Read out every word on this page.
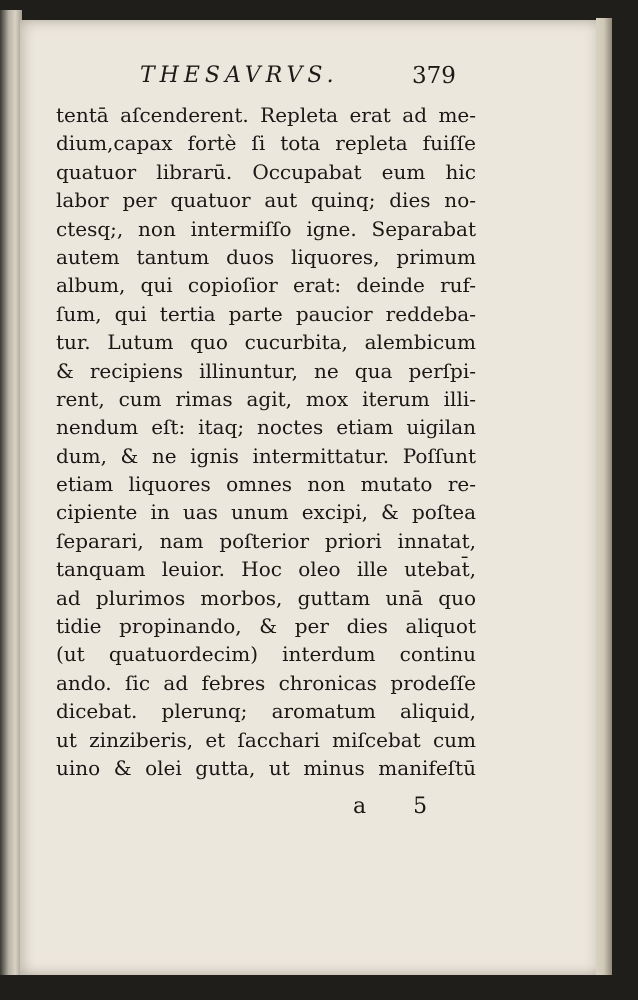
THESAVRVS.	379
tentā aſcenderent. Repleta erat ad me-
dium,capax fortè ſi tota repleta fuiſſe
quatuor librarū. Occupabat eum hic
labor per quatuor aut quinq; dies no-
ctesq;, non intermiſſo igne. Separabat
autem tantum duos liquores, primum
album, qui copioſior erat: deinde ruf-
ſum, qui tertia parte paucior reddeba-
tur. Lutum quo cucurbita, alembicum
& recipiens illinuntur, ne qua perſpi-
rent, cum rimas agit, mox iterum illi-
nendum eſt: itaq; noctes etiam uigilan
dum, & ne ignis intermittatur. Poſſunt
etiam liquores omnes non mutato re-
cipiente in uas unum excipi, & poſtea
ſeparari, nam poſterior priori innatat,
tanquam leuior. Hoc oleo ille utebat̄,
ad plurimos morbos, guttam unā quo
tidie propinando, & per dies aliquot
(ut quatuordecim) interdum continu
ando. ſic ad febres chronicas prodeſſe
dicebat. plerunq; aromatum aliquid,
ut zinziberis, et ſacchari miſcebat cum
uino & olei gutta, ut minus manifeſtū
a 5
